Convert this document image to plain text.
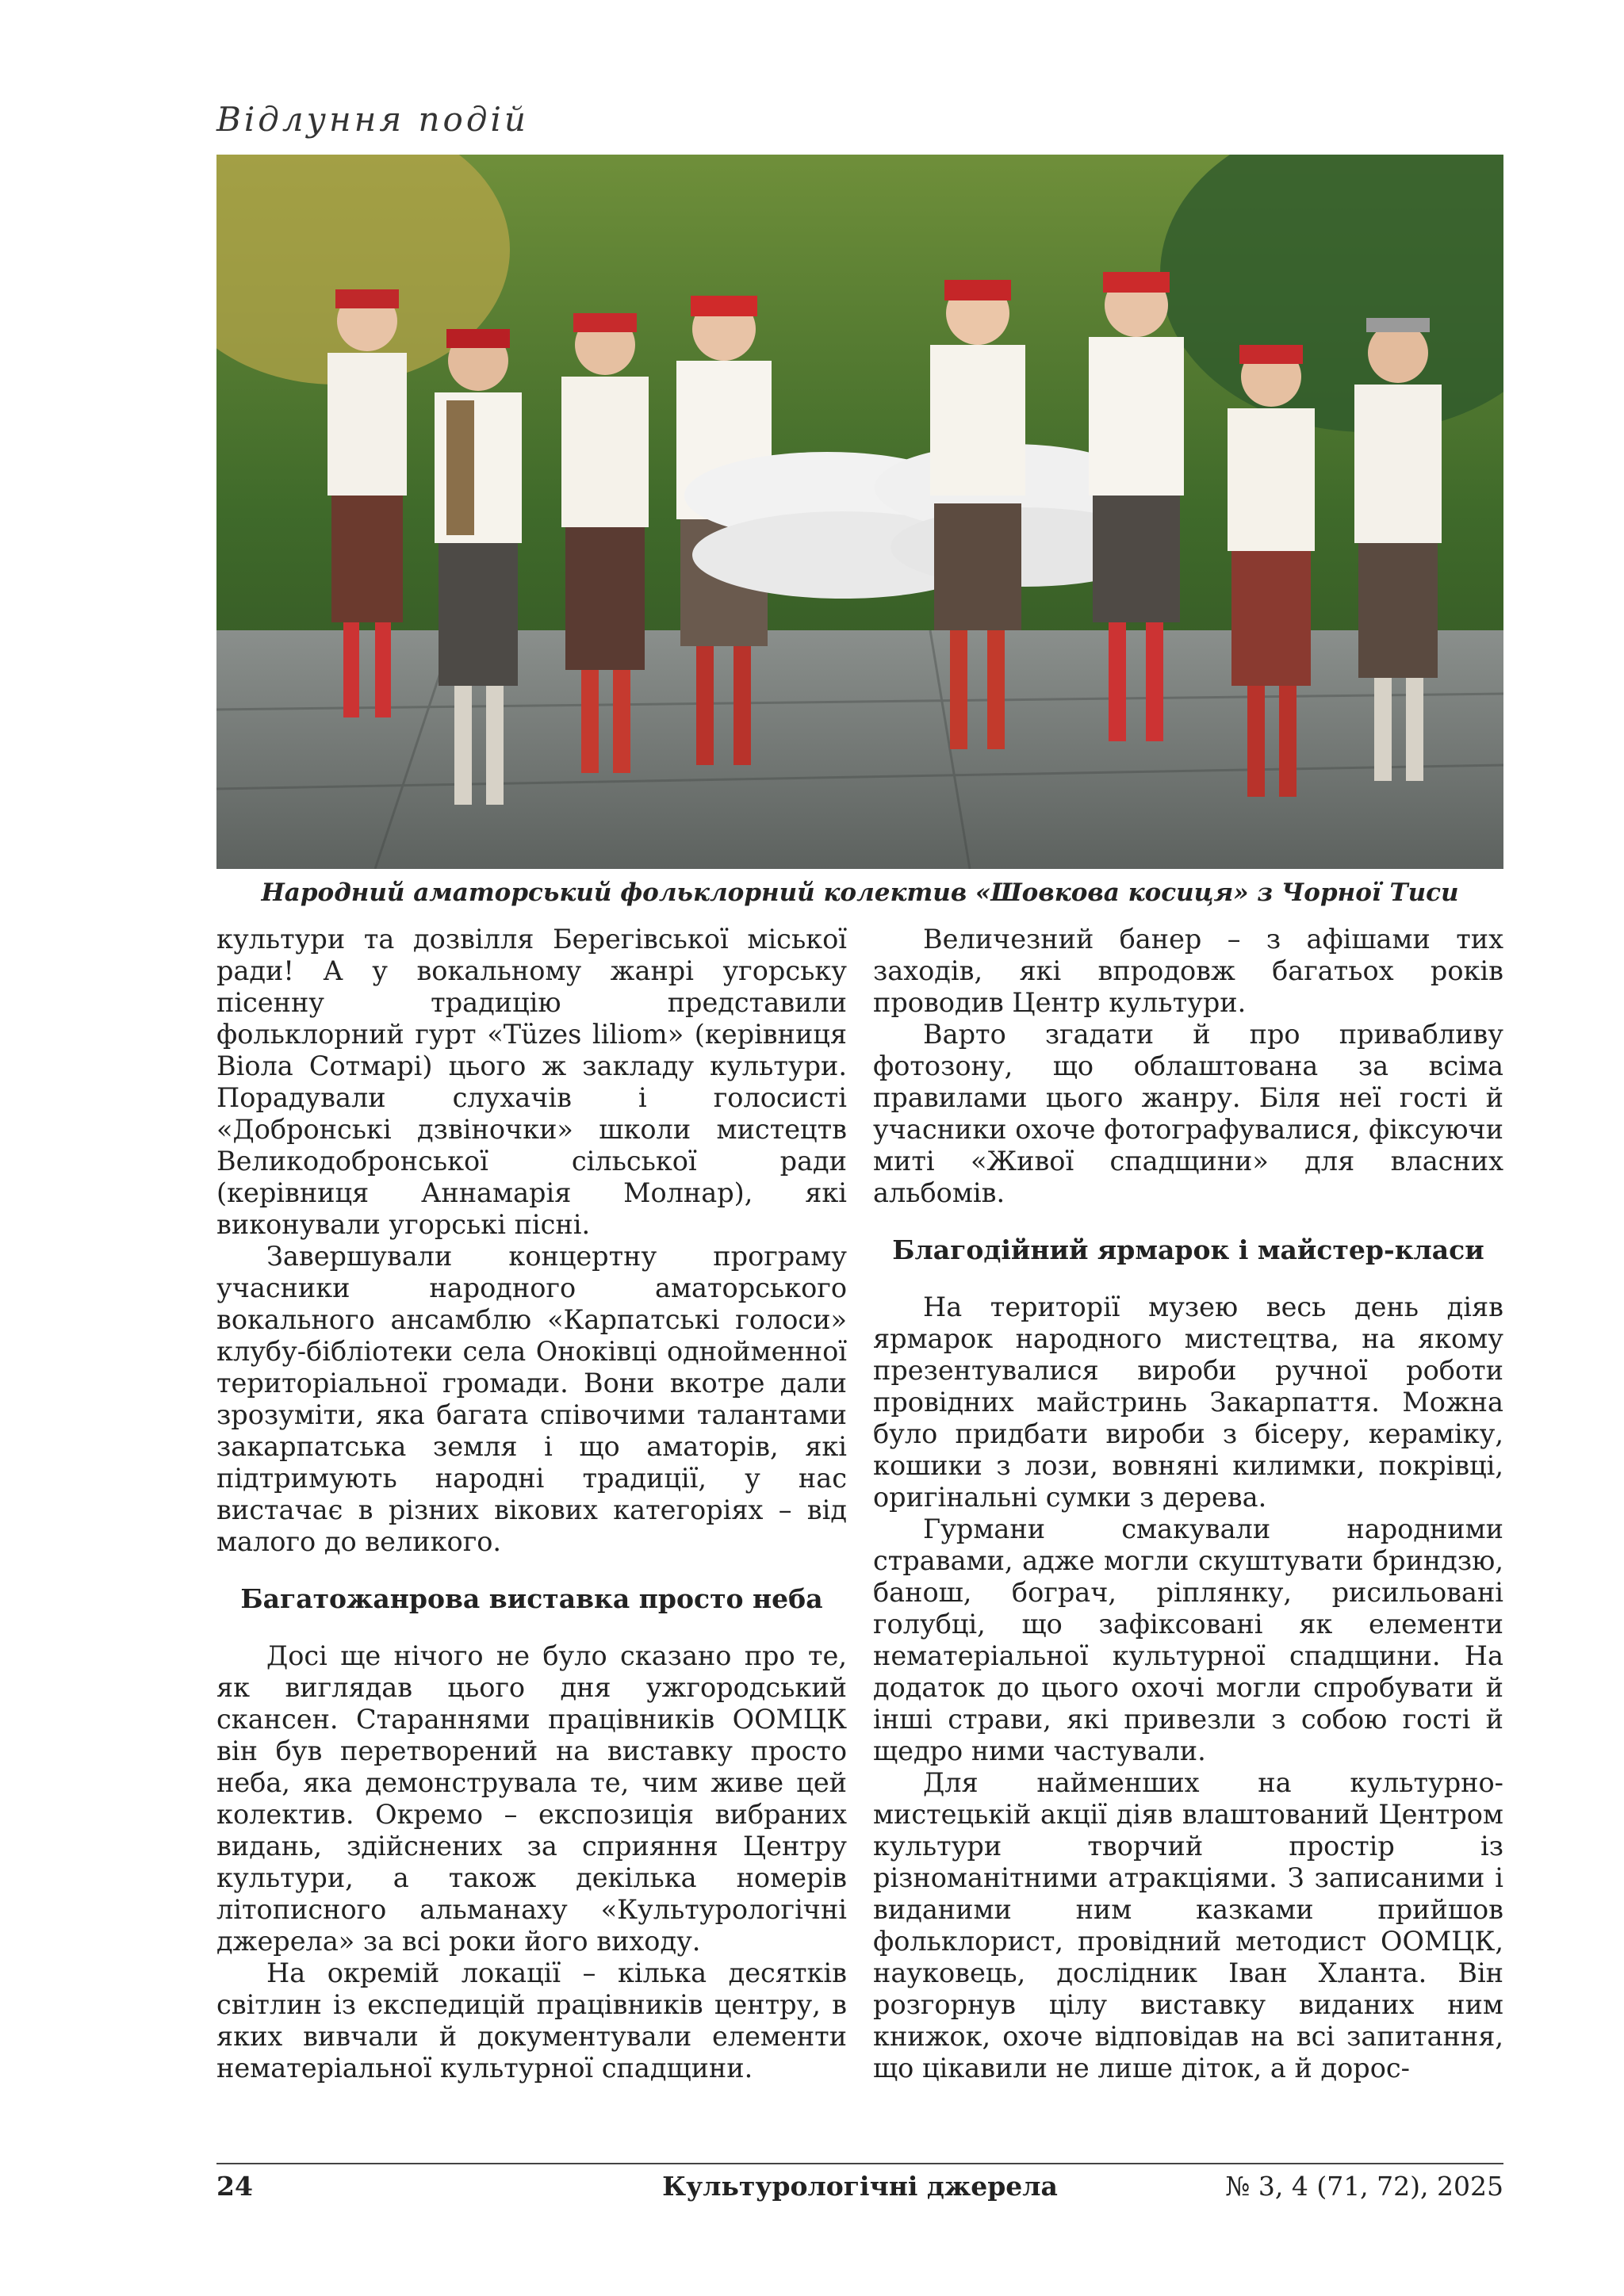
Відлуння подій
Народний аматорський фольклорний колектив «Шовкова косиця» з Чорної Тиси

культури та дозвілля Берегівської міської ради! А у вокальному жанрі угорську пісенну традицію представили фольклорний гурт «Tüzes liliom» (керівниця Віола Сотмарі) цього ж закладу культури. Порадували слухачів і голосисті «Добронські дзвіночки» школи мистецтв Великодобронської сільської ради (керівниця Аннамарія Молнар), які виконували угорські пісні.

Завершували концертну програму учасники народного аматорського вокального ансамблю «Карпатські голоси» клубу-бібліотеки села Оноківці однойменної територіальної громади. Вони вкотре дали зрозуміти, яка багата співочими талантами закарпатська земля і що аматорів, які підтримують народні традиції, у нас вистачає в різних вікових категоріях – від малого до великого.

Багатожанрова виставка просто неба

Досі ще нічого не було сказано про те, як виглядав цього дня ужгородський скансен. Стараннями працівників ООМЦК він був перетворений на виставку просто неба, яка демонструвала те, чим живе цей колектив. Окремо – експозиція вибраних видань, здійснених за сприяння Центру культури, а також декілька номерів літописного альманаху «Культурологічні джерела» за всі роки його виходу.

На окремій локації – кілька десятків світлин із експедицій працівників центру, в яких вивчали й документували елементи нематеріальної культурної спадщини.

Величезний банер – з афішами тих заходів, які впродовж багатьох років проводив Центр культури.

Варто згадати й про привабливу фотозону, що облаштована за всіма правилами цього жанру. Біля неї гості й учасники охоче фотографувалися, фіксуючи миті «Живої спадщини» для власних альбомів.

Благодійний ярмарок і майстер-класи

На території музею весь день діяв ярмарок народного мистецтва, на якому презентувалися вироби ручної роботи провідних майстринь Закарпаття. Можна було придбати вироби з бісеру, кераміку, кошики з лози, вовняні килимки, покрівці, оригінальні сумки з дерева.

Гурмани смакували народними стравами, адже могли скуштувати бриндзю, банош, бограч, ріплянку, рисильовані голубці, що зафіксовані як елементи нематеріальної культурної спадщини. На додаток до цього охочі могли спробувати й інші страви, які привезли з собою гості й щедро ними частували.

Для найменших на культурно-мистецькій акції діяв влаштований Центром культури творчий простір із різноманітними атракціями. З записаними і виданими ним казками прийшов фольклорист, провідний методист ООМЦК, науковець, дослідник Іван Хланта. Він розгорнув цілу виставку виданих ним книжок, охоче відповідав на всі запитання, що цікавили не лише діток, а й дорос-

24	Культурологічні джерела	№ 3, 4 (71, 72), 2025
